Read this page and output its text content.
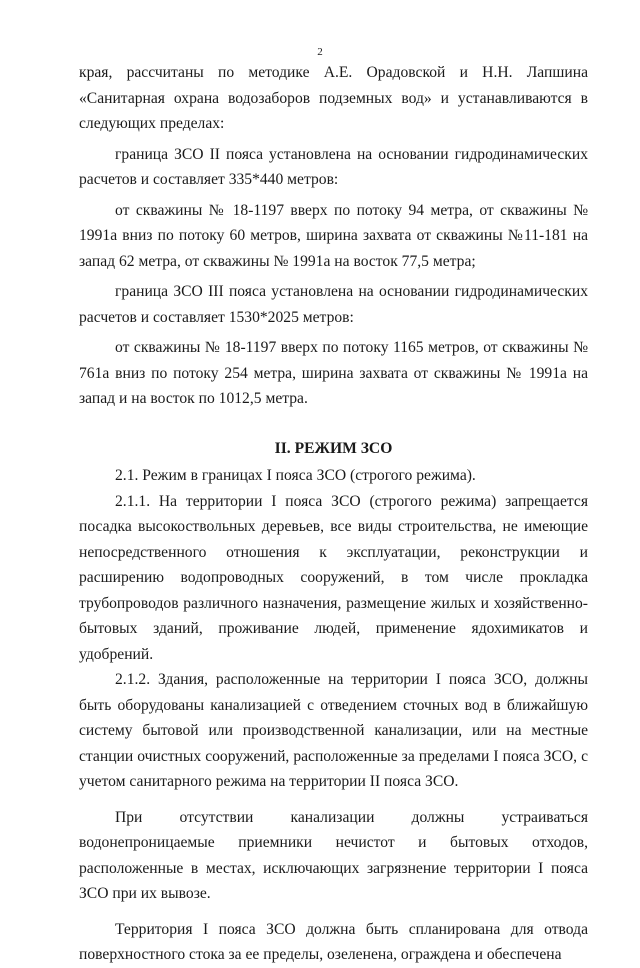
2

края, рассчитаны по методике А.Е. Орадовской и Н.Н. Лапшина «Санитарная охрана водозаборов подземных вод» и устанавливаются в следующих пределах:

граница ЗСО II пояса установлена на основании гидродинамических расчетов и составляет 335*440 метров:

от скважины № 18-1197 вверх по потоку 94 метра, от скважины № 1991а вниз по потоку 60 метров, ширина захвата от скважины №11-181 на запад 62 метра, от скважины № 1991а на восток 77,5 метра;

граница ЗСО III пояса установлена на основании гидродинамических расчетов и составляет 1530*2025 метров:

от скважины № 18-1197 вверх по потоку 1165 метров, от скважины № 761а вниз по потоку 254 метра, ширина захвата от скважины № 1991а на запад и на восток по 1012,5 метра.

II. РЕЖИМ ЗСО

2.1. Режим в границах I пояса ЗСО (строгого режима).

2.1.1. На территории I пояса ЗСО (строгого режима) запрещается посадка высокоствольных деревьев, все виды строительства, не имеющие непосредственного отношения к эксплуатации, реконструкции и расширению водопроводных сооружений, в том числе прокладка трубопроводов различного назначения, размещение жилых и хозяйственно-бытовых зданий, проживание людей, применение ядохимикатов и удобрений.

2.1.2. Здания, расположенные на территории I пояса ЗСО, должны быть оборудованы канализацией с отведением сточных вод в ближайшую систему бытовой или производственной канализации, или на местные станции очистных сооружений, расположенные за пределами I пояса ЗСО, с учетом санитарного режима на территории II пояса ЗСО.

При отсутствии канализации должны устраиваться водонепроницаемые приемники нечистот и бытовых отходов, расположенные в местах, исключающих загрязнение территории I пояса ЗСО при их вывозе.

Территория I пояса ЗСО должна быть спланирована для отвода поверхностного стока за ее пределы, озеленена, ограждена и обеспечена
